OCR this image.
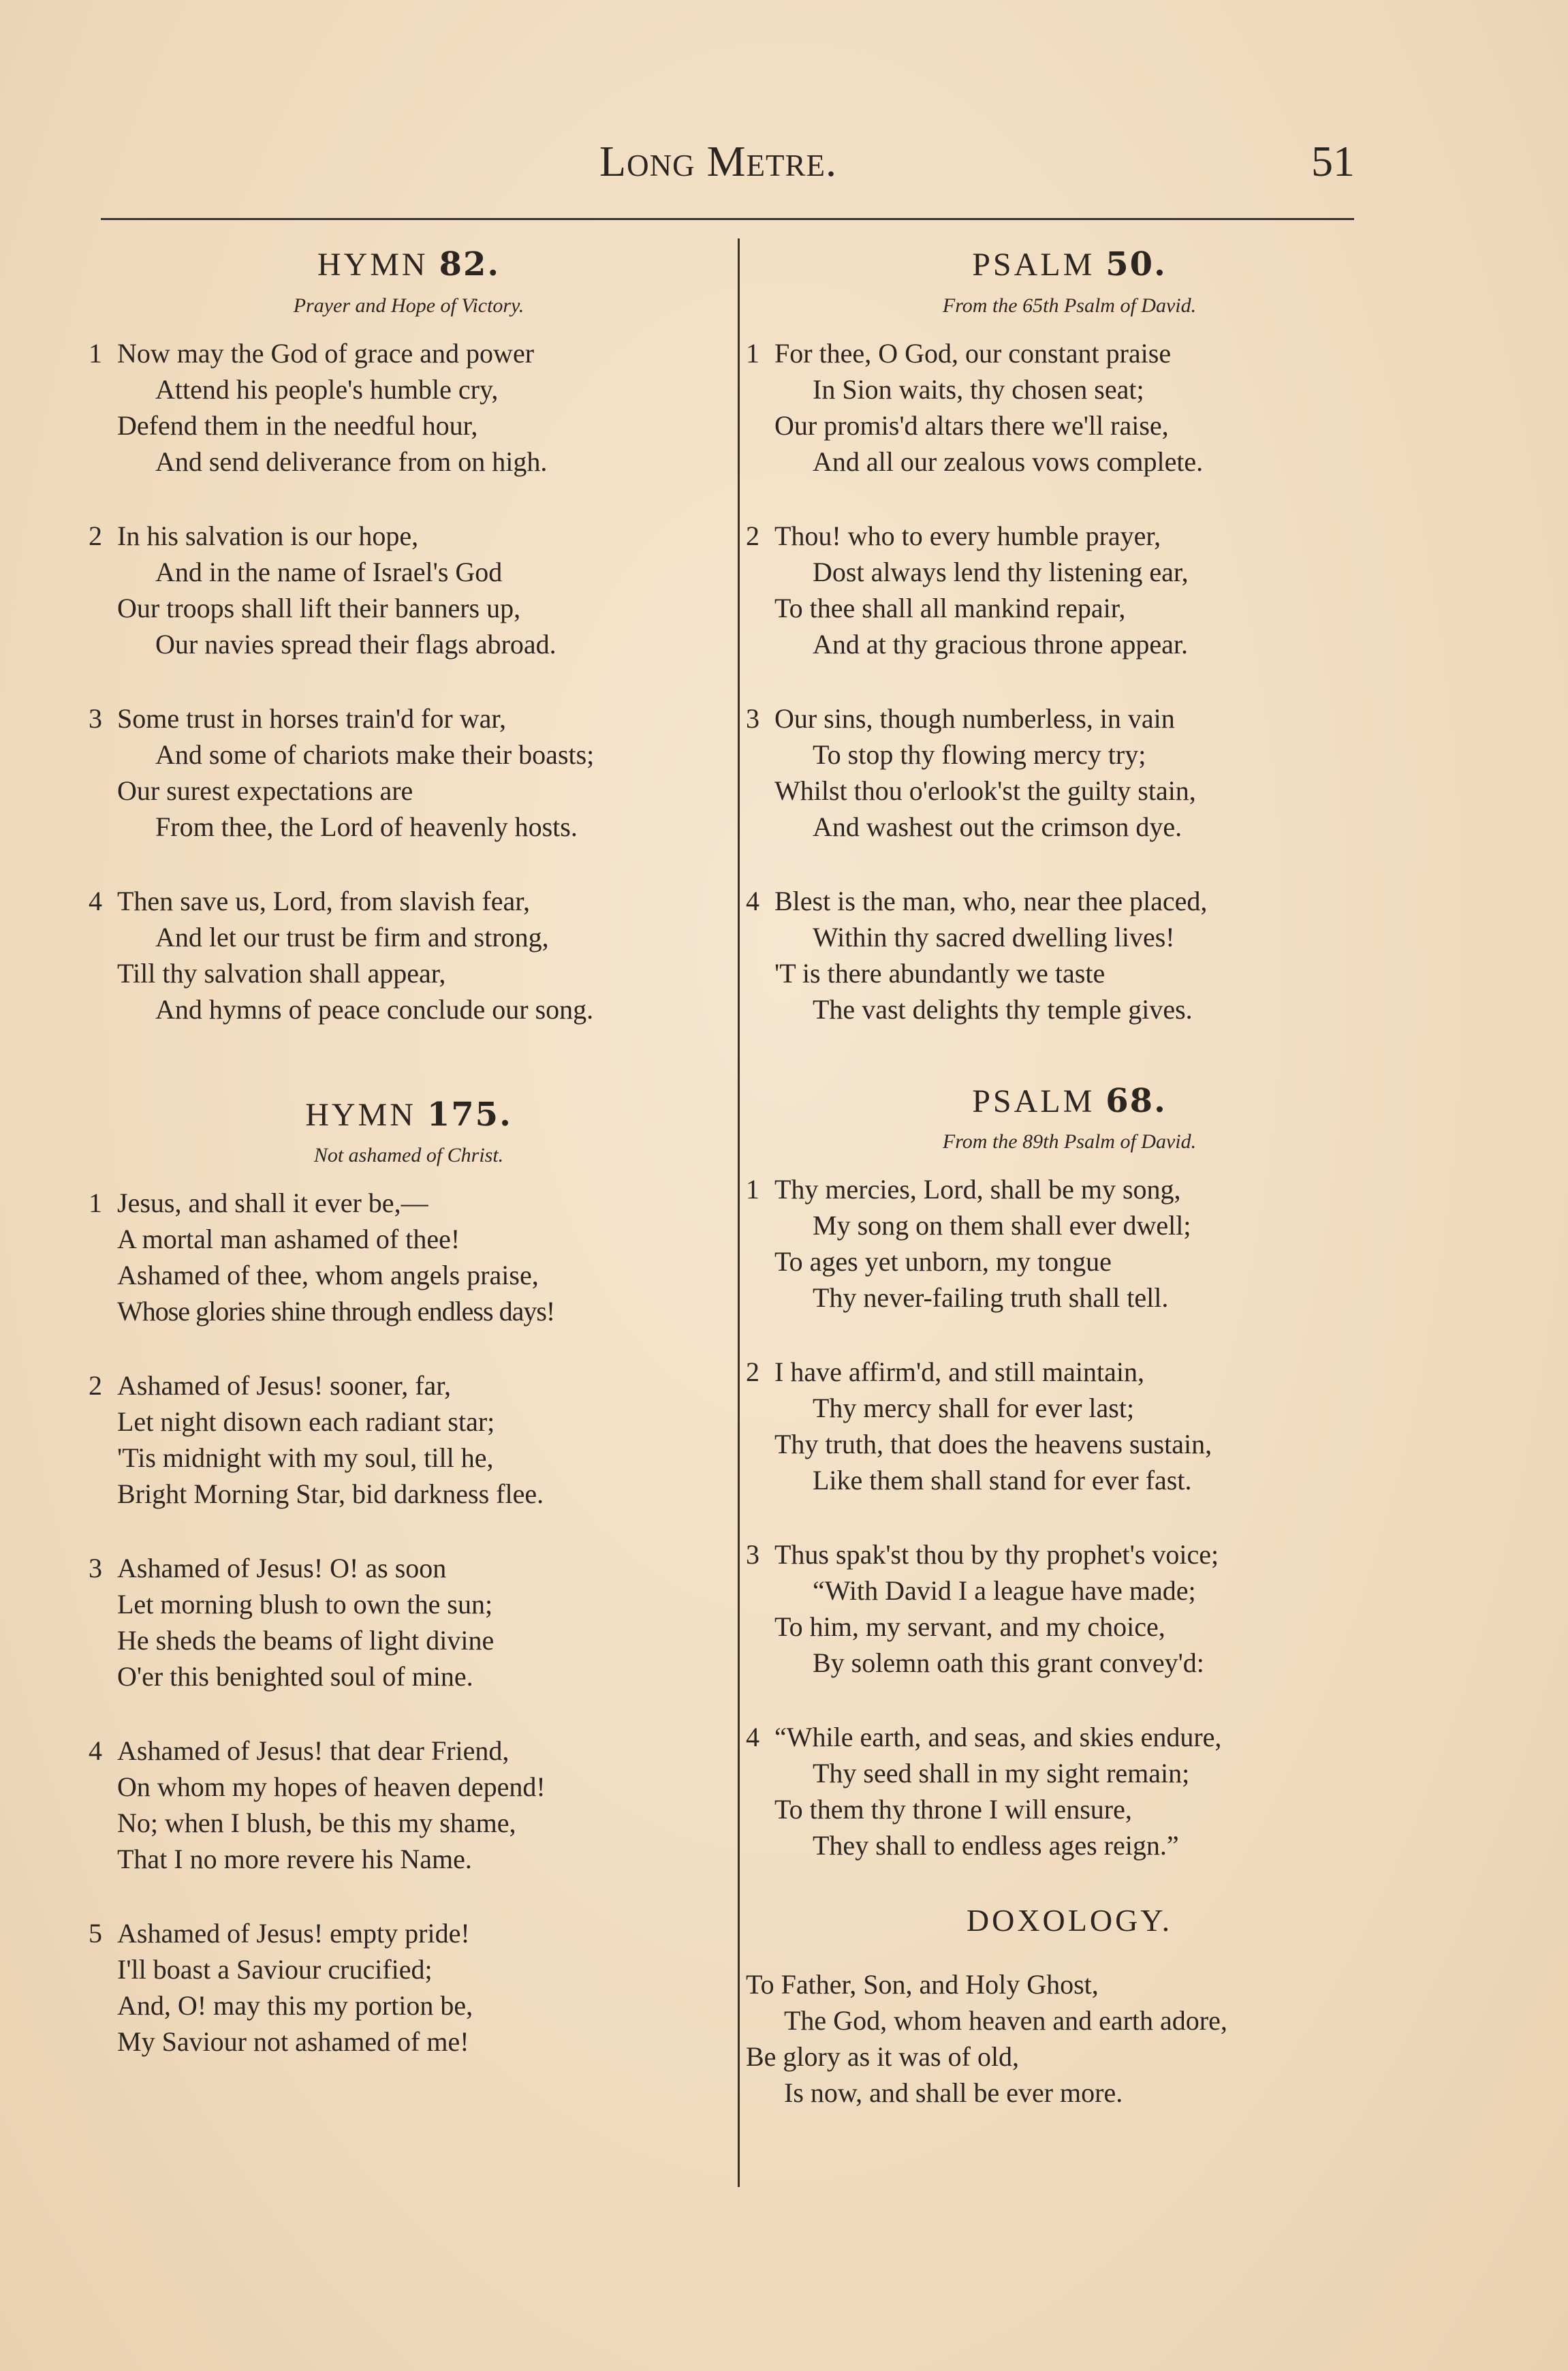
Long Metre.	51
HYMN 82.
Prayer and Hope of Victory.
1 Now may the God of grace and power
Attend his people's humble cry,
Defend them in the needful hour,
And send deliverance from on high.
2 In his salvation is our hope,
And in the name of Israel's God
Our troops shall lift their banners up,
Our navies spread their flags abroad.
3 Some trust in horses train'd for war,
And some of chariots make their boasts;
Our surest expectations are
From thee, the Lord of heavenly hosts.
4 Then save us, Lord, from slavish fear,
And let our trust be firm and strong,
Till thy salvation shall appear,
And hymns of peace conclude our song.
HYMN 175.
Not ashamed of Christ.
1 Jesus, and shall it ever be,—
A mortal man ashamed of thee!
Ashamed of thee, whom angels praise,
Whose glories shine through endless days!
2 Ashamed of Jesus! sooner, far,
Let night disown each radiant star;
'Tis midnight with my soul, till he,
Bright Morning Star, bid darkness flee.
3 Ashamed of Jesus! O! as soon
Let morning blush to own the sun;
He sheds the beams of light divine
O'er this benighted soul of mine.
4 Ashamed of Jesus! that dear Friend,
On whom my hopes of heaven depend!
No; when I blush, be this my shame,
That I no more revere his Name.
5 Ashamed of Jesus! empty pride!
I'll boast a Saviour crucified;
And, O! may this my portion be,
My Saviour not ashamed of me!
PSALM 50.
From the 65th Psalm of David.
1 For thee, O God, our constant praise
In Sion waits, thy chosen seat;
Our promis'd altars there we'll raise,
And all our zealous vows complete.
2 Thou! who to every humble prayer,
Dost always lend thy listening ear,
To thee shall all mankind repair,
And at thy gracious throne appear.
3 Our sins, though numberless, in vain
To stop thy flowing mercy try;
Whilst thou o'erlook'st the guilty stain,
And washest out the crimson dye.
4 Blest is the man, who, near thee placed,
Within thy sacred dwelling lives!
'T is there abundantly we taste
The vast delights thy temple gives.
PSALM 68.
From the 89th Psalm of David.
1 Thy mercies, Lord, shall be my song,
My song on them shall ever dwell;
To ages yet unborn, my tongue
Thy never-failing truth shall tell.
2 I have affirm'd, and still maintain,
Thy mercy shall for ever last;
Thy truth, that does the heavens sustain,
Like them shall stand for ever fast.
3 Thus spak'st thou by thy prophet's voice;
“With David I a league have made;
To him, my servant, and my choice,
By solemn oath this grant convey'd:
4 “While earth, and seas, and skies endure,
Thy seed shall in my sight remain;
To them thy throne I will ensure,
They shall to endless ages reign.”
DOXOLOGY.
To Father, Son, and Holy Ghost,
The God, whom heaven and earth adore,
Be glory as it was of old,
Is now, and shall be ever more.
